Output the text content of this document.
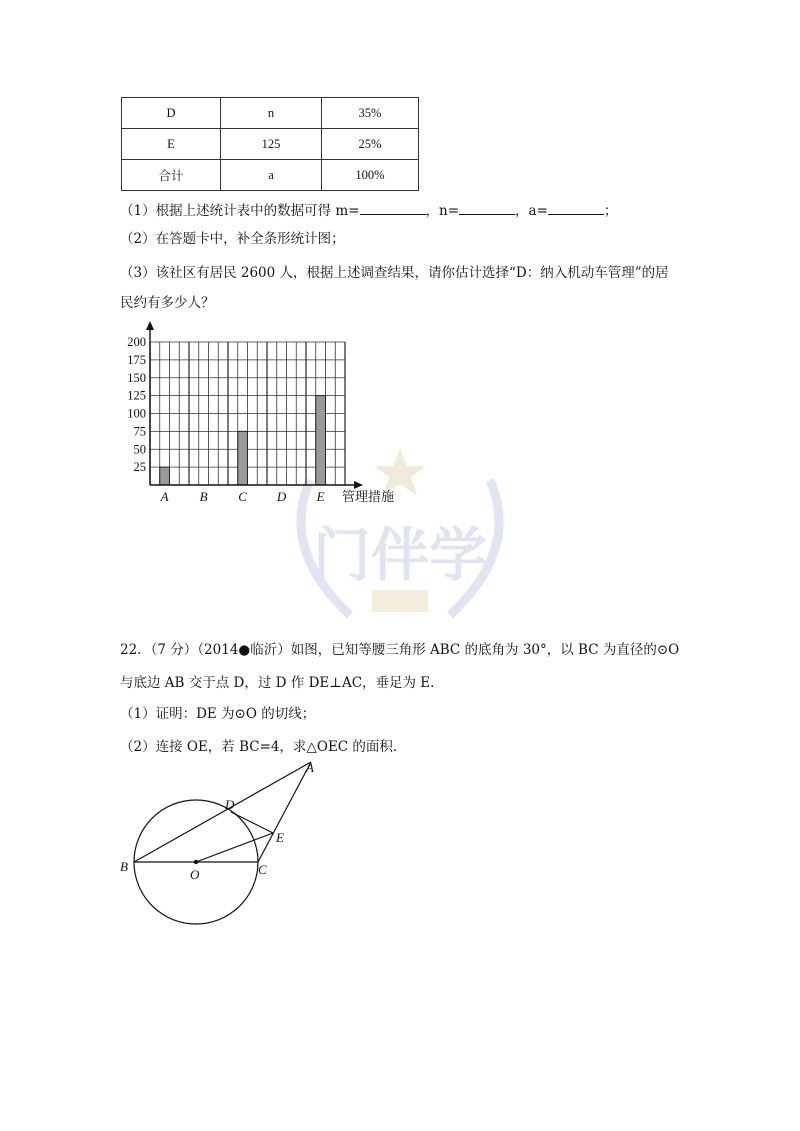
门伴学
D	n	35%
E	125	25%
合计	a	100%
（1）根据上述统计表中的数据可得 m=	，n=	，a=	；
（2）在答题卡中，补全条形统计图；
（3）该社区有居民 2600 人，根据上述调查结果，请你估计选择“D：纳入机动车管理”的居
民约有多少人？
25
50
75
100
125
150
175
200
A B C D E 管理措施
22．（7 分）（2014●临沂）如图，已知等腰三角形 ABC 的底角为 30°，以 BC 为直径的⊙O
与底边 AB 交于点 D，过 D 作 DE⊥AC，垂足为 E．
（1）证明：DE 为⊙O 的切线；
（2）连接 OE，若 BC=4，求△OEC 的面积．
A
D
E
B
O	C
